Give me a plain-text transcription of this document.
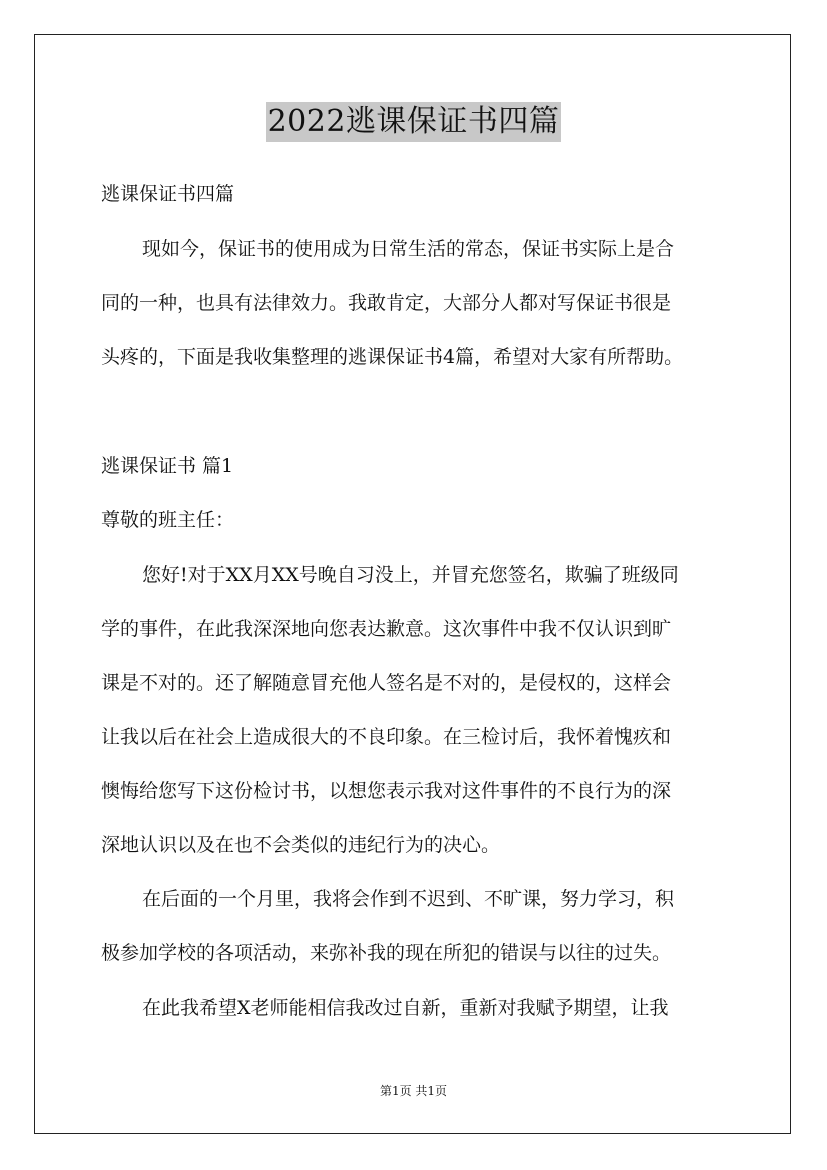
2022逃课保证书四篇
逃课保证书四篇
现如今，保证书的使用成为日常生活的常态，保证书实际上是合
同的一种，也具有法律效力。我敢肯定，大部分人都对写保证书很是
头疼的，下面是我收集整理的逃课保证书4篇，希望对大家有所帮助。
逃课保证书 篇1
尊敬的班主任：
您好!对于XX月XX号晚自习没上，并冒充您签名，欺骗了班级同
学的事件，在此我深深地向您表达歉意。这次事件中我不仅认识到旷
课是不对的。还了解随意冒充他人签名是不对的，是侵权的，这样会
让我以后在社会上造成很大的不良印象。在三检讨后，我怀着愧疚和
懊悔给您写下这份检讨书，以想您表示我对这件事件的不良行为的深
深地认识以及在也不会类似的违纪行为的决心。
在后面的一个月里，我将会作到不迟到、不旷课，努力学习，积
极参加学校的各项活动，来弥补我的现在所犯的错误与以往的过失。
在此我希望X老师能相信我改过自新，重新对我赋予期望，让我
第1页 共1页
